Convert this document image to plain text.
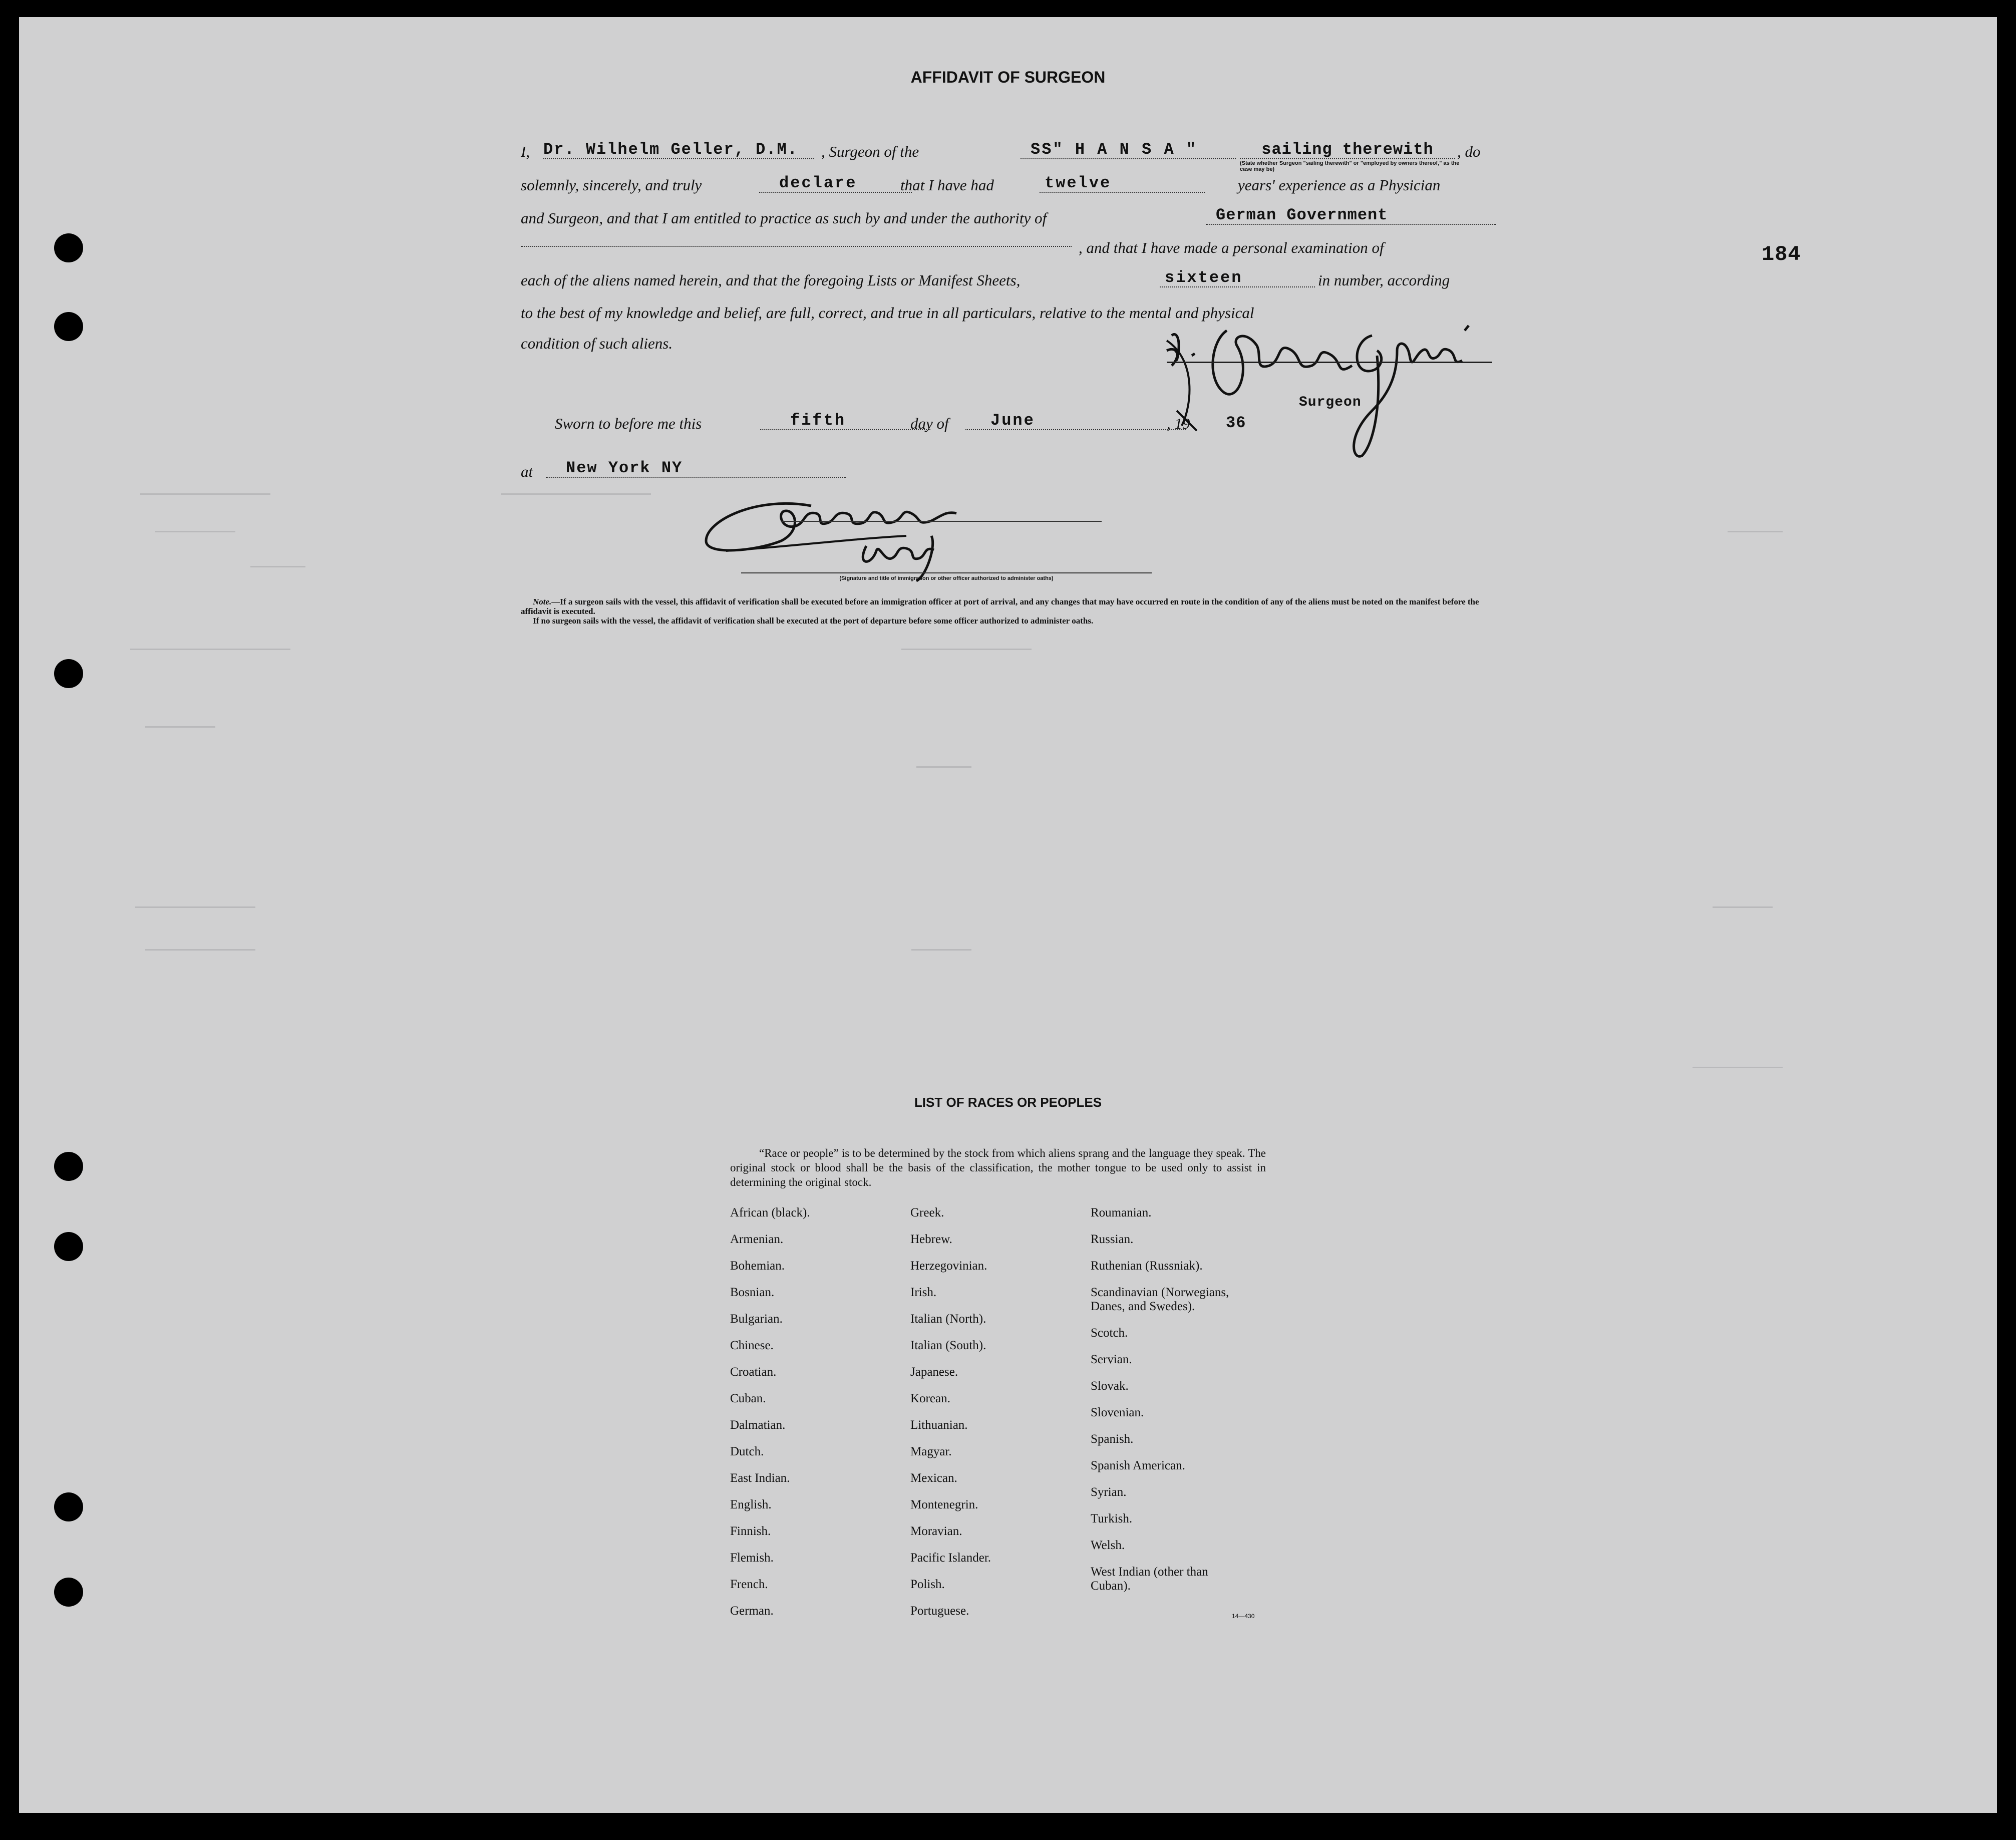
184
AFFIDAVIT OF SURGEON
I, Dr. Wilhelm Geller, D.M.	, Surgeon of the	SS" H A N S A "	sailing therewith	, do
(State whether Surgeon "sailing therewith" or "employed by owners thereof," as the case may be)
solemnly, sincerely, and truly	declare	that I have had	twelve	years' experience as a Physician
and Surgeon, and that I am entitled to practice as such by and under the authority of	German Government
, and that I have made a personal examination of
each of the aliens named herein, and that the foregoing Lists or Manifest Sheets,	sixteen	in number, according
to the best of my knowledge and belief, are full, correct, and true in all particulars, relative to the mental and physical
condition of such aliens.
Surgeon
Sworn to before me this	fifth	day of	June	, 19 36
at	New York NY
(Signature and title of immigration or other officer authorized to administer oaths)
Note.—If a surgeon sails with the vessel, this affidavit of verification shall be executed before an immigration officer at port of arrival, and any changes that may have occurred en route in the condition of any of the aliens must be noted on the manifest before the affidavit is executed.
If no surgeon sails with the vessel, the affidavit of verification shall be executed at the port of departure before some officer authorized to administer oaths.
LIST OF RACES OR PEOPLES
“Race or people” is to be determined by the stock from which aliens sprang and the language they speak. The original stock or blood shall be the basis of the classification, the mother tongue to be used only to assist in determining the original stock.
African (black).
Armenian.
Bohemian.
Bosnian.
Bulgarian.
Chinese.
Croatian.
Cuban.
Dalmatian.
Dutch.
East Indian.
English.
Finnish.
Flemish.
French.
German.
Greek.
Hebrew.
Herzegovinian.
Irish.
Italian (North).
Italian (South).
Japanese.
Korean.
Lithuanian.
Magyar.
Mexican.
Montenegrin.
Moravian.
Pacific Islander.
Polish.
Portuguese.
Roumanian.
Russian.
Ruthenian (Russniak).
Scandinavian (Norwegians, Danes, and Swedes).
Scotch.
Servian.
Slovak.
Slovenian.
Spanish.
Spanish American.
Syrian.
Turkish.
Welsh.
West Indian (other than Cuban).
14—430
